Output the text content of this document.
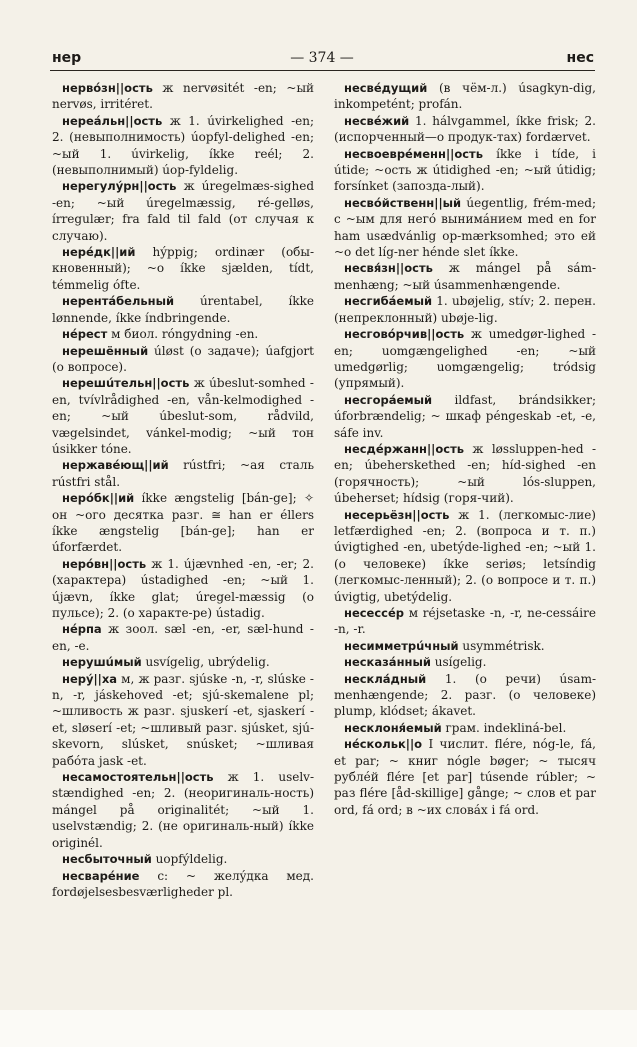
нер	— 374 —	нес
нервóзн||ость ж nervøsitét -en; ~ый nervøs, irritéret.
нереáльн||ость ж 1. úvirkelighed -en; 2. (невыполнимость) úopfyl-delighed -en; ~ый 1. úvirkelig, íkke reél; 2. (невыполнимый) úop-fyldelig.
нерегулýрн||ость ж úregelmæs-sighed -en; ~ый úregelmæssig, ré-gelløs, írregulær; fra fald til fald (от случая к случаю).
нерéдк||ий hýppig; ordinær (обы-кновенный); ~о íkke sjælden, tídt, témmelig ófte.
нерентáбельный úrentabel, íkke lønnende, íkke índbringende.
нéрест м биол. róngydning -en.
нерешённый úløst (о задаче); úafgjort (о вопросе).
нерешúтельн||ость ж úbeslut-somhed -en, tvívlrådighed -en, vån-kelmodighed -en; ~ый úbeslut-som, rådvild, vægelsindet, vánkel-modig; ~ый тон úsikker tóne.
нержавéющ||ий rústfri; ~ая сталь rústfri stål.
нерóбк||ий íkke ængstelig [bán-ge]; ✧ он ~ого десятка разг. ≅ han er éllers íkke ængstelig [bán-ge]; han er úforfærdet.
нерóвн||ость ж 1. újævnhed -en, -er; 2. (характера) ústadighed -en; ~ый 1. újævn, íkke glat; úregel-mæssig (о пульсе); 2. (о характе-ре) ústadig.
нéрпа ж зоол. sæl -en, -er, sæl-hund -en, -e.
нерушúмый usvígelig, ubrýdelig.
нерý||ха м, ж разг. sjúske -n, -r, slúske -n, -r, jáskehoved -et; sjú-skemalene pl; ~шливость ж разг. sjuskerí -et, sjaskerí -et, sløserí -et; ~шливый разг. sjúsket, sjú-skevorn, slúsket, snúsket; ~шливая рабóта jask -et.
несамостоятельн||ость ж 1. uselv-stændighed -en; 2. (неоригиналь-ность) mángel på originalitét; ~ый 1. uselvstændig; 2. (не оригиналь-ный) íkke originél.
несбыточный uopfýldelig.
несварéние с: ~ желýдка мед. fordøjelsesbesværligheder pl.
несвéдущий (в чём-л.) úsagkyn-dig, inkompetént; profán.
несвéжий 1. hálvgammel, íkke frisk; 2. (испорченный—о продук-тах) fordærvet.
несвоеврéменн||ость íkke i tíde, i útide; ~ость ж útidighed -en; ~ый útidig; forsínket (запозда-лый).
несвóйственн||ый úegentlig, frém-med; с ~ым для негó вынимáнием med en for ham usædvánlig op-mærksomhed; это ей ~о det líg-ner hénde slet íkke.
несвя́зн||ость ж mángel på sám-menhæng; ~ый úsammenhængende.
несгибáемый 1. ubøjelig, stív; 2. перен. (непреклонный) ubøje-lig.
несговóрчив||ость ж umedgør-lighed -en; uomgængelighed -en; ~ый umedgørlig; uomgængelig; tródsig (упрямый).
несгорáемый ildfast, brándsikker; úforbrændelig; ~ шкаф péngeskab -et, -e, sáfe inv.
несдéржанн||ость ж løssluppen-hed -en; úbeherskethed -en; híd-sighed -en (горячность); ~ый lós-sluppen, úbeherset; hídsig (горя-чий).
несерьёзн||ость ж 1. (легкомыс-лие) letfærdighed -en; 2. (вопроса и т. п.) úvigtighed -en, ubetýde-lighed -en; ~ый 1. (о человеке) íkke seriøs; letsíndig (легкомыс-ленный); 2. (о вопросе и т. п.) úvigtig, ubetýdelig.
несессéр м réjsetaske -n, -r, ne-cessáire -n, -r.
несимметрúчный usymmétrisk.
несказáнный usígelig.
нескла́дный 1. (о речи) úsam-menhængende; 2. разг. (о человеке) plump, klódset; ákavet.
несклоня́емый грам. indekliná-bel.
нéскольк||о I числит. flére, nóg-le, fá, et par; ~ книг nógle bøger; ~ тысяч рублéй flére [et par] túsende rúbler; ~ раз flére [åd-skillige] gånge; ~ слов et par ord, fá ord; в ~их словáх i fá ord.
